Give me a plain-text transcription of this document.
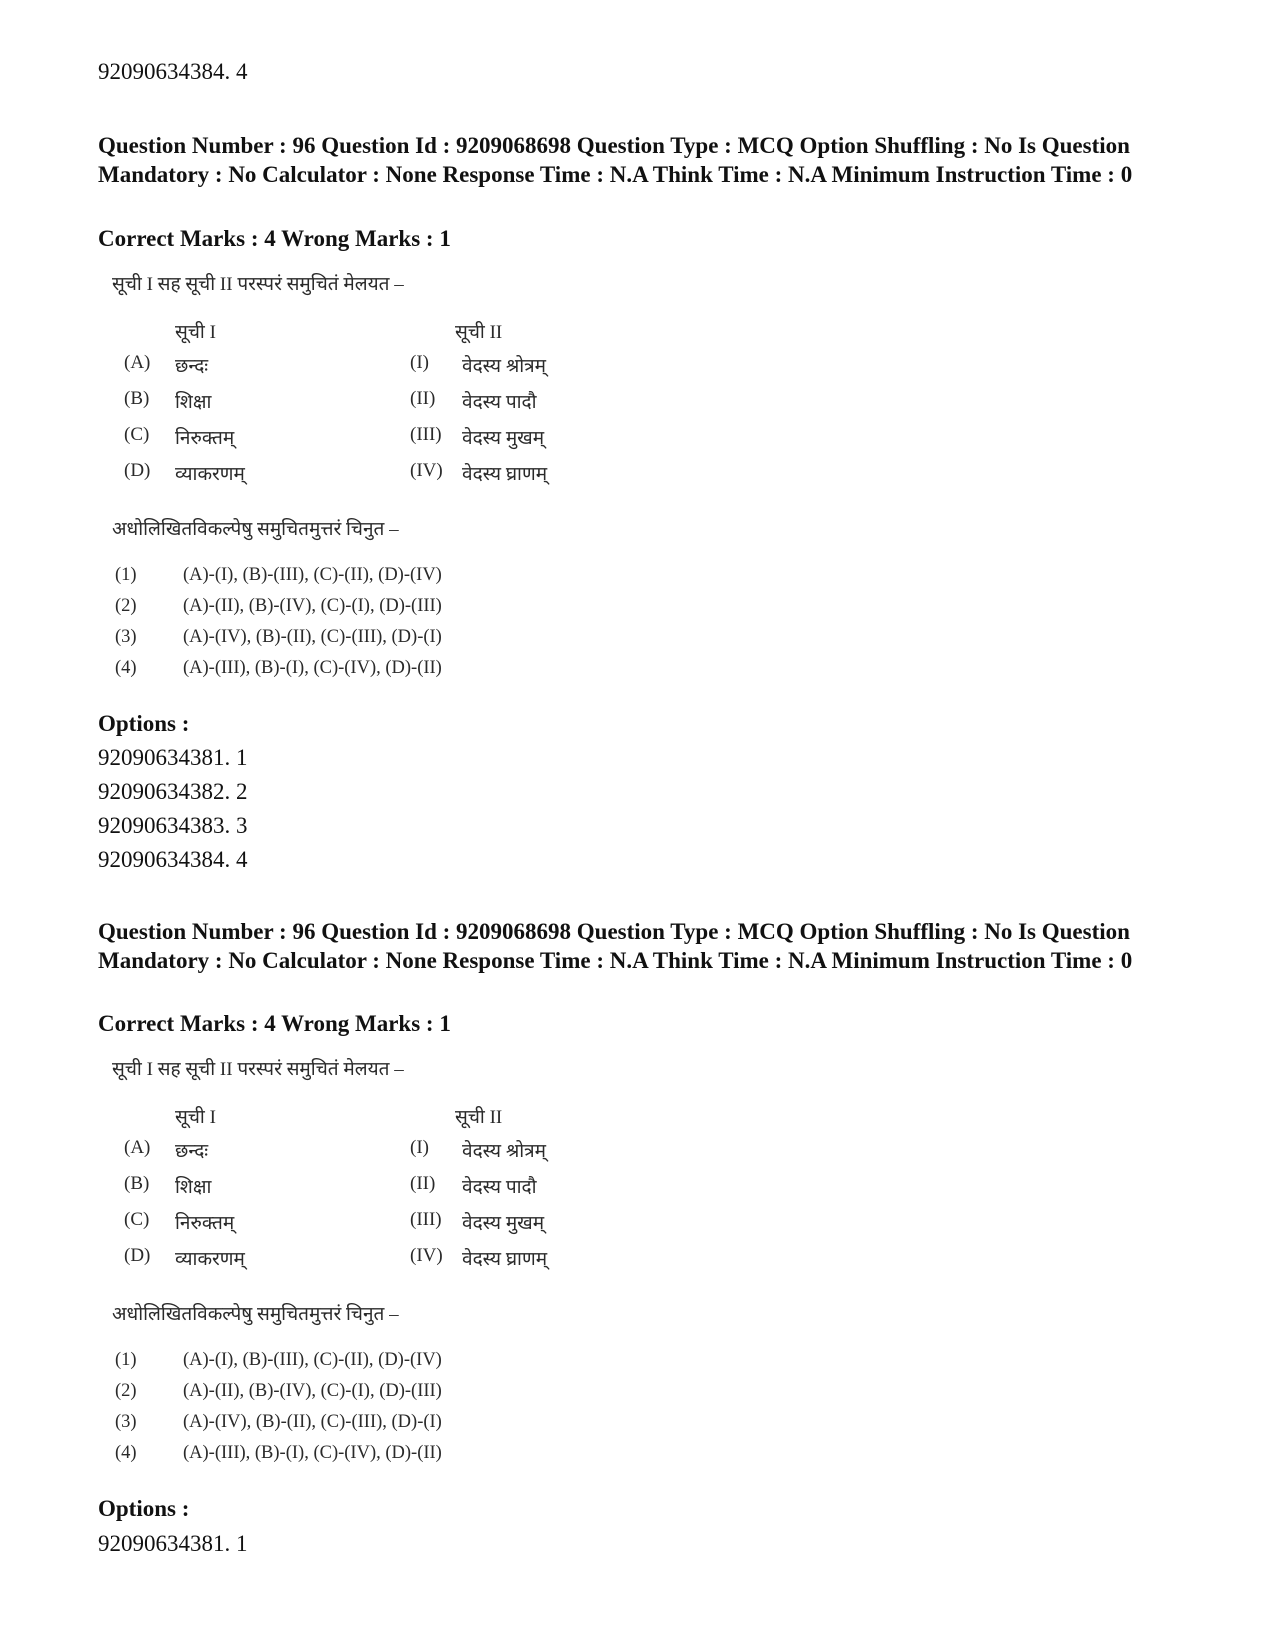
92090634384. 4
Question Number : 96 Question Id : 9209068698 Question Type : MCQ Option Shuffling : No Is Question Mandatory : No Calculator : None Response Time : N.A Think Time : N.A Minimum Instruction Time : 0
Correct Marks : 4 Wrong Marks : 1
सूची I सह सूची II परस्परं समुचितं मेलयत –
सूची I	सूची II
(A) छन्दः	(I) वेदस्य श्रोत्रम्
(B) शिक्षा	(II) वेदस्य पादौ
(C) निरुक्तम्	(III) वेदस्य मुखम्
(D) व्याकरणम्	(IV) वेदस्य घ्राणम्
अधोलिखितविकल्पेषु समुचितमुत्तरं चिनुत –
(1)	(A)-(I), (B)-(III), (C)-(II), (D)-(IV)
(2)	(A)-(II), (B)-(IV), (C)-(I), (D)-(III)
(3)	(A)-(IV), (B)-(II), (C)-(III), (D)-(I)
(4)	(A)-(III), (B)-(I), (C)-(IV), (D)-(II)
Options :
92090634381. 1
92090634382. 2
92090634383. 3
92090634384. 4
Question Number : 96 Question Id : 9209068698 Question Type : MCQ Option Shuffling : No Is Question Mandatory : No Calculator : None Response Time : N.A Think Time : N.A Minimum Instruction Time : 0
Correct Marks : 4 Wrong Marks : 1
सूची I सह सूची II परस्परं समुचितं मेलयत –
सूची I	सूची II
(A) छन्दः	(I) वेदस्य श्रोत्रम्
(B) शिक्षा	(II) वेदस्य पादौ
(C) निरुक्तम्	(III) वेदस्य मुखम्
(D) व्याकरणम्	(IV) वेदस्य घ्राणम्
अधोलिखितविकल्पेषु समुचितमुत्तरं चिनुत –
(1)	(A)-(I), (B)-(III), (C)-(II), (D)-(IV)
(2)	(A)-(II), (B)-(IV), (C)-(I), (D)-(III)
(3)	(A)-(IV), (B)-(II), (C)-(III), (D)-(I)
(4)	(A)-(III), (B)-(I), (C)-(IV), (D)-(II)
Options :
92090634381. 1
